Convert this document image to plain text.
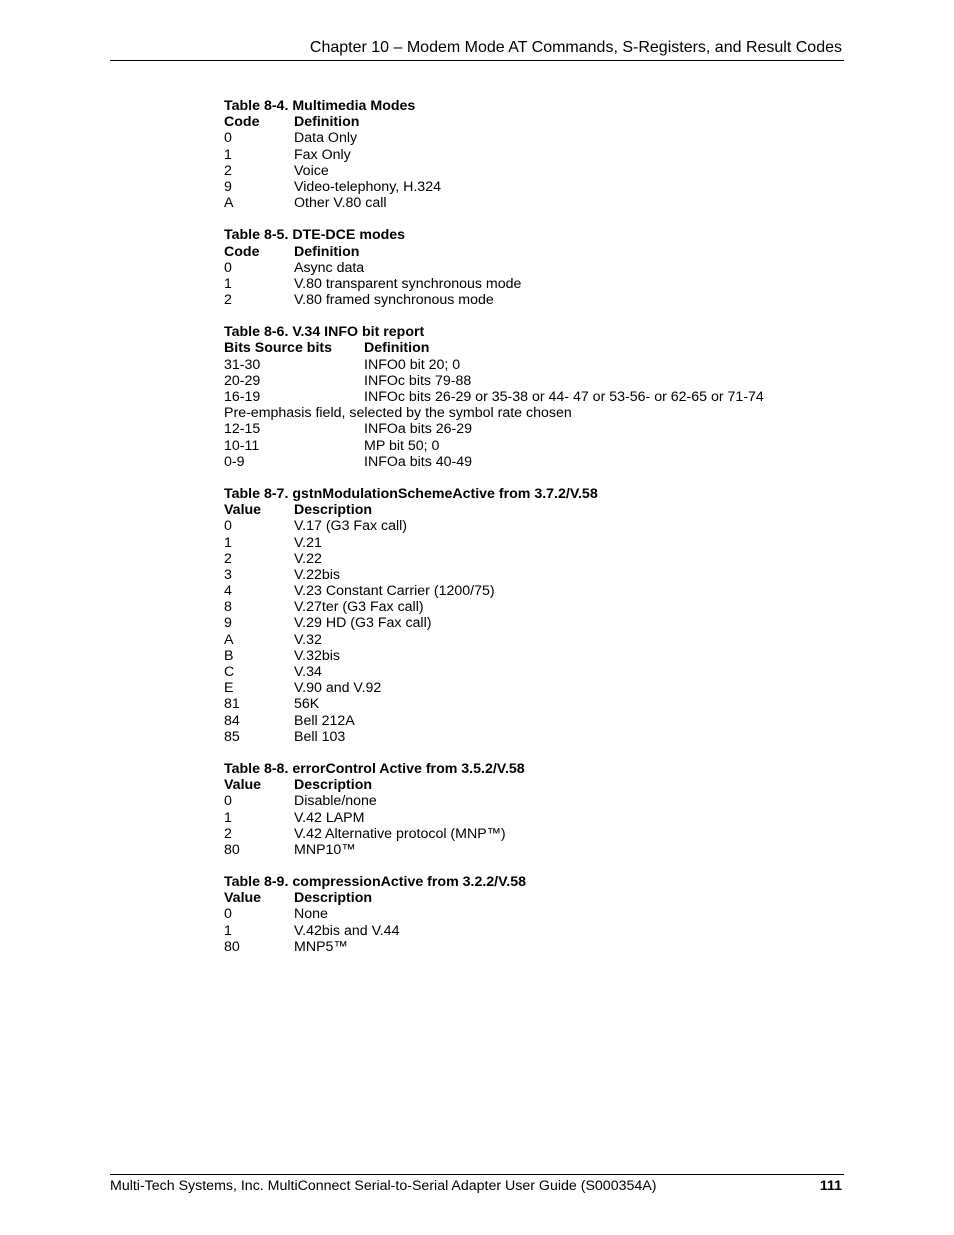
Chapter 10 – Modem Mode AT Commands, S-Registers, and Result Codes
Table 8-4. Multimedia Modes
Code	Definition
0	Data Only
1	Fax Only
2	Voice
9	Video-telephony, H.324
A	Other V.80 call
Table 8-5. DTE-DCE modes
Code	Definition
0	Async data
1	V.80 transparent synchronous mode
2	V.80 framed synchronous mode
Table 8-6. V.34 INFO bit report
Bits Source bits	Definition
31-30	INFO0 bit 20; 0
20-29	INFOc bits 79-88
16-19	INFOc bits 26-29 or 35-38 or 44- 47 or 53-56- or 62-65 or 71-74
Pre-emphasis field, selected by the symbol rate chosen
12-15	INFOa bits 26-29
10-11	MP bit 50; 0
0-9	INFOa bits 40-49
Table 8-7. gstnModulationSchemeActive from 3.7.2/V.58
Value	Description
0	V.17 (G3 Fax call)
1	V.21
2	V.22
3	V.22bis
4	V.23 Constant Carrier (1200/75)
8	V.27ter (G3 Fax call)
9	V.29 HD (G3 Fax call)
A	V.32
B	V.32bis
C	V.34
E	V.90 and V.92
81	56K
84	Bell 212A
85	Bell 103
Table 8-8. errorControl Active from 3.5.2/V.58
Value	Description
0	Disable/none
1	V.42 LAPM
2	V.42 Alternative protocol (MNP™)
80	MNP10™
Table 8-9. compressionActive from 3.2.2/V.58
Value	Description
0	None
1	V.42bis and V.44
80	MNP5™
Multi-Tech Systems, Inc. MultiConnect Serial-to-Serial Adapter User Guide (S000354A)	111
